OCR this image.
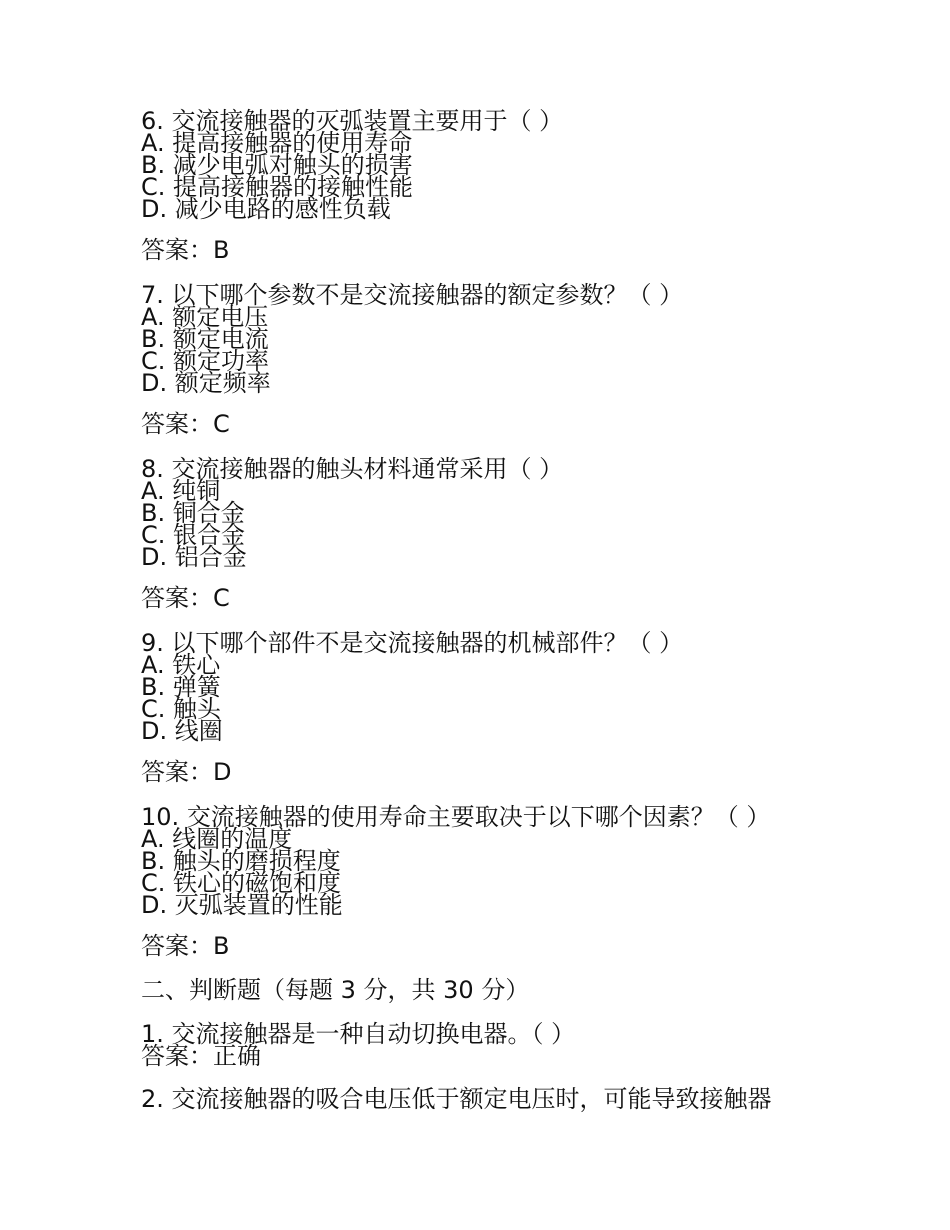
6. 交流接触器的灭弧装置主要用于（ ）
A. 提高接触器的使用寿命
B. 减少电弧对触头的损害
C. 提高接触器的接触性能
D. 减少电路的感性负载
答案：B
7. 以下哪个参数不是交流接触器的额定参数？（ ）
A. 额定电压
B. 额定电流
C. 额定功率
D. 额定频率
答案：C
8. 交流接触器的触头材料通常采用（ ）
A. 纯铜
B. 铜合金
C. 银合金
D. 铝合金
答案：C
9. 以下哪个部件不是交流接触器的机械部件？（ ）
A. 铁心
B. 弹簧
C. 触头
D. 线圈
答案：D
10. 交流接触器的使用寿命主要取决于以下哪个因素？（ ）
A. 线圈的温度
B. 触头的磨损程度
C. 铁心的磁饱和度
D. 灭弧装置的性能
答案：B
二、判断题（每题 3 分，共 30 分）
1. 交流接触器是一种自动切换电器。（ ）
答案：正确
2. 交流接触器的吸合电压低于额定电压时，可能导致接触器
